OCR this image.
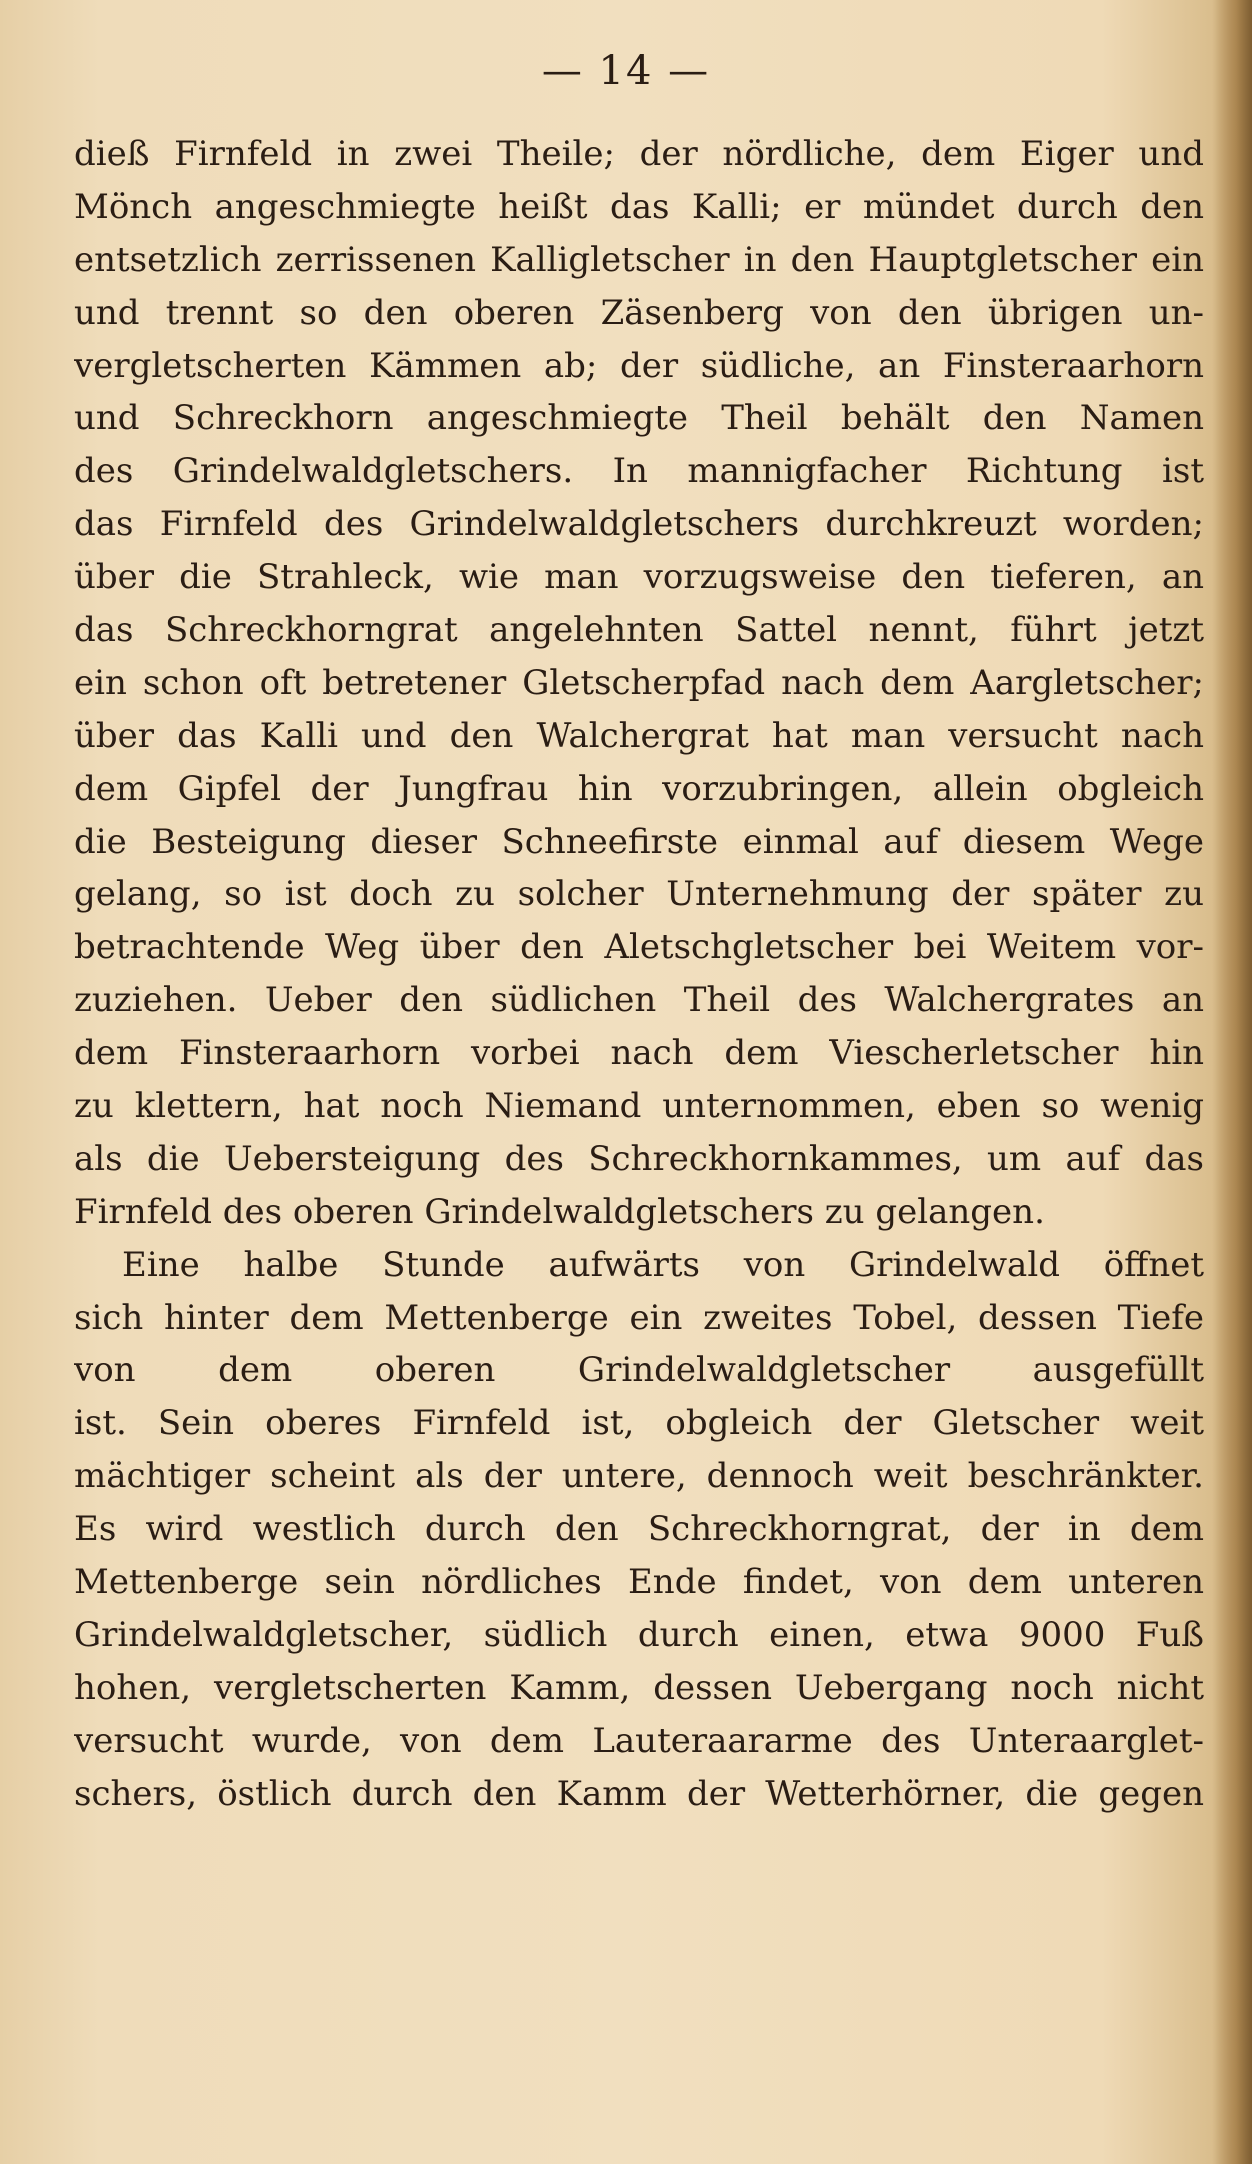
— 14 —
dieß Firnfeld in zwei Theile; der nördliche, dem Eiger und
Mönch angeschmiegte heißt das Kalli; er mündet durch den
entsetzlich zerrissenen Kalligletscher in den Hauptgletscher ein
und trennt so den oberen Zäsenberg von den übrigen un-
vergletscherten Kämmen ab; der südliche, an Finsteraarhorn
und Schreckhorn angeschmiegte Theil behält den Namen
des Grindelwaldgletschers. In mannigfacher Richtung ist
das Firnfeld des Grindelwaldgletschers durchkreuzt worden;
über die Strahleck, wie man vorzugsweise den tieferen, an
das Schreckhorngrat angelehnten Sattel nennt, führt jetzt
ein schon oft betretener Gletscherpfad nach dem Aargletscher;
über das Kalli und den Walchergrat hat man versucht nach
dem Gipfel der Jungfrau hin vorzubringen, allein obgleich
die Besteigung dieser Schneefirste einmal auf diesem Wege
gelang, so ist doch zu solcher Unternehmung der später zu
betrachtende Weg über den Aletschgletscher bei Weitem vor-
zuziehen. Ueber den südlichen Theil des Walchergrates an
dem Finsteraarhorn vorbei nach dem Viescherletscher hin
zu klettern, hat noch Niemand unternommen, eben so wenig
als die Uebersteigung des Schreckhornkammes, um auf das
Firnfeld des oberen Grindelwaldgletschers zu gelangen.
Eine halbe Stunde aufwärts von Grindelwald öffnet
sich hinter dem Mettenberge ein zweites Tobel, dessen Tiefe
von dem oberen Grindelwaldgletscher ausgefüllt
ist. Sein oberes Firnfeld ist, obgleich der Gletscher weit
mächtiger scheint als der untere, dennoch weit beschränkter.
Es wird westlich durch den Schreckhorngrat, der in dem
Mettenberge sein nördliches Ende findet, von dem unteren
Grindelwaldgletscher, südlich durch einen, etwa 9000 Fuß
hohen, vergletscherten Kamm, dessen Uebergang noch nicht
versucht wurde, von dem Lauteraararme des Unteraarglet-
schers, östlich durch den Kamm der Wetterhörner, die gegen
